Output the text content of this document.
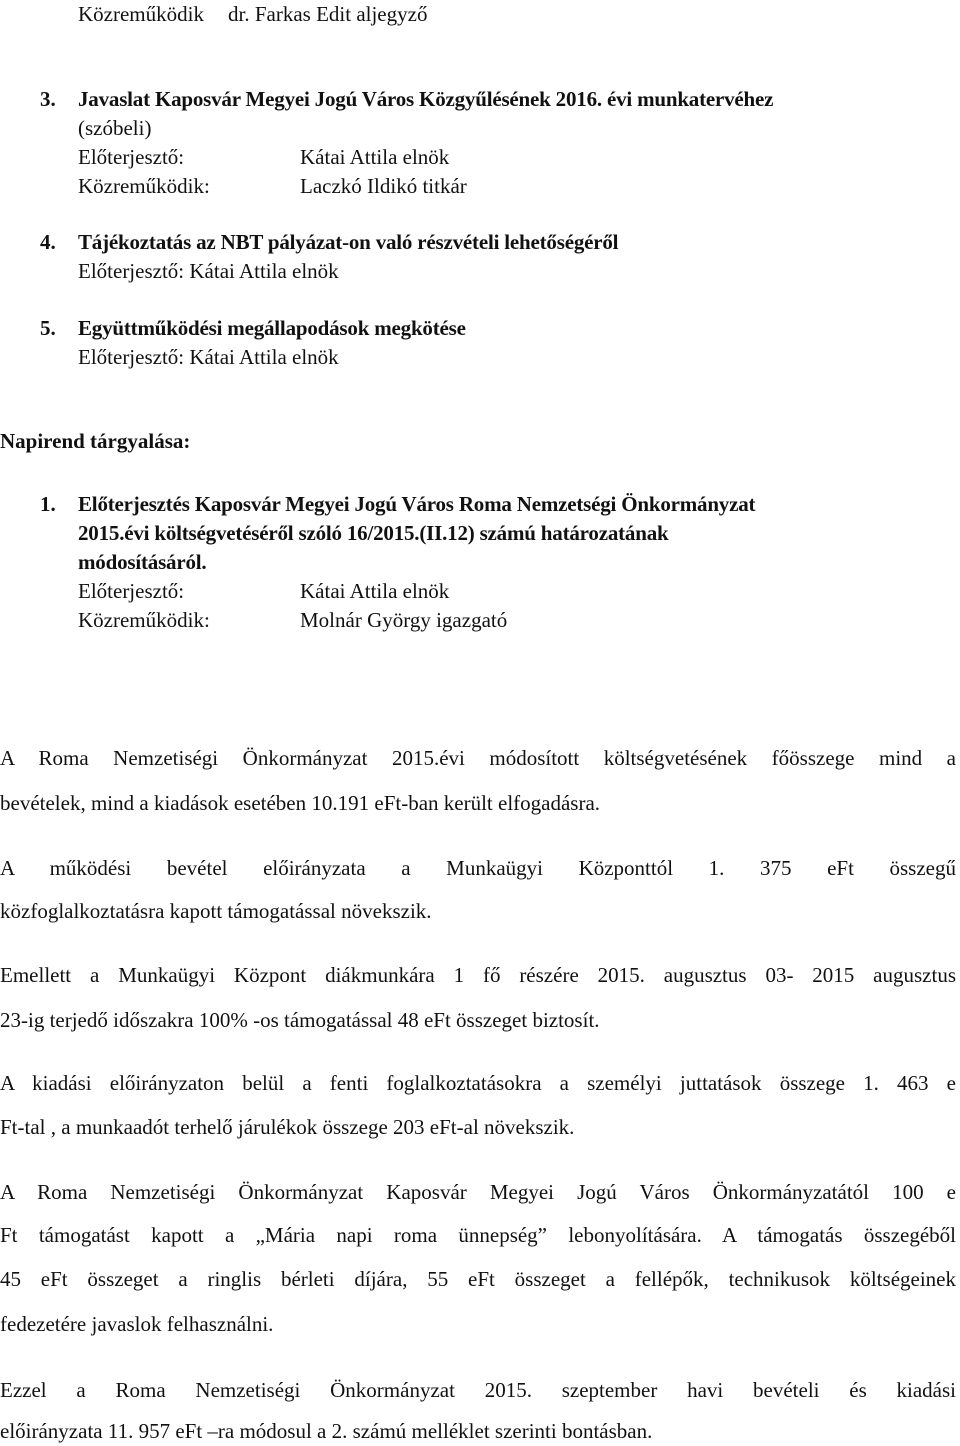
Közreműködik dr. Farkas Edit aljegyző
3. Javaslat Kaposvár Megyei Jogú Város Közgyűlésének 2016. évi munkatervéhez
(szóbeli)
Előterjesztő:	Kátai Attila elnök
Közreműködik:	Laczkó Ildikó titkár
4. Tájékoztatás az NBT pályázat-on való részvételi lehetőségéről
Előterjesztő: Kátai Attila elnök
5. Együttműködési megállapodások megkötése
Előterjesztő: Kátai Attila elnök
Napirend tárgyalása:
1. Előterjesztés Kaposvár Megyei Jogú Város Roma Nemzetségi Önkormányzat
2015.évi költségvetéséről szóló 16/2015.(II.12) számú határozatának
módosításáról.
Előterjesztő:	Kátai Attila elnök
Közreműködik:	Molnár György igazgató
A Roma Nemzetiségi Önkormányzat 2015.évi módosított költségvetésének főösszege mind a
bevételek, mind a kiadások esetében 10.191 eFt-ban került elfogadásra.
A működési bevétel előirányzata a Munkaügyi Központtól 1. 375 eFt összegű
közfoglalkoztatásra kapott támogatással növekszik.
Emellett a Munkaügyi Központ diákmunkára 1 fő részére 2015. augusztus 03- 2015 augusztus
23-ig terjedő időszakra 100% -os támogatással 48 eFt összeget biztosít.
A kiadási előirányzaton belül a fenti foglalkoztatásokra a személyi juttatások összege 1. 463 e
Ft-tal , a munkaadót terhelő járulékok összege 203 eFt-al növekszik.
A Roma Nemzetiségi Önkormányzat Kaposvár Megyei Jogú Város Önkormányzatától 100 e
Ft támogatást kapott a „Mária napi roma ünnepség” lebonyolítására. A támogatás összegéből
45 eFt összeget a ringlis bérleti díjára, 55 eFt összeget a fellépők, technikusok költségeinek
fedezetére javaslok felhasználni.
Ezzel a Roma Nemzetiségi Önkormányzat 2015. szeptember havi bevételi és kiadási
előirányzata 11. 957 eFt –ra módosul a 2. számú melléklet szerinti bontásban.
